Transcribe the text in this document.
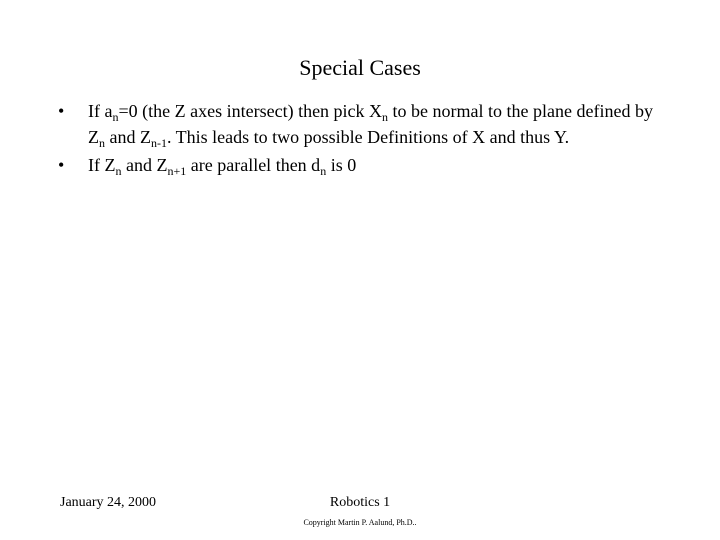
Special Cases
• If $a_n=0$ (the Z axes intersect) then pick $X_n$ to be normal to the plane defined by $Z_n$ and $Z_{n-1}$. This leads to two possible Definitions of X and thus Y.
• If $Z_n$ and $Z_{n+1}$ are parallel then $d_n$ is 0
January 24, 2000	Robotics 1
Copyright Martin P. Aalund, Ph.D..
